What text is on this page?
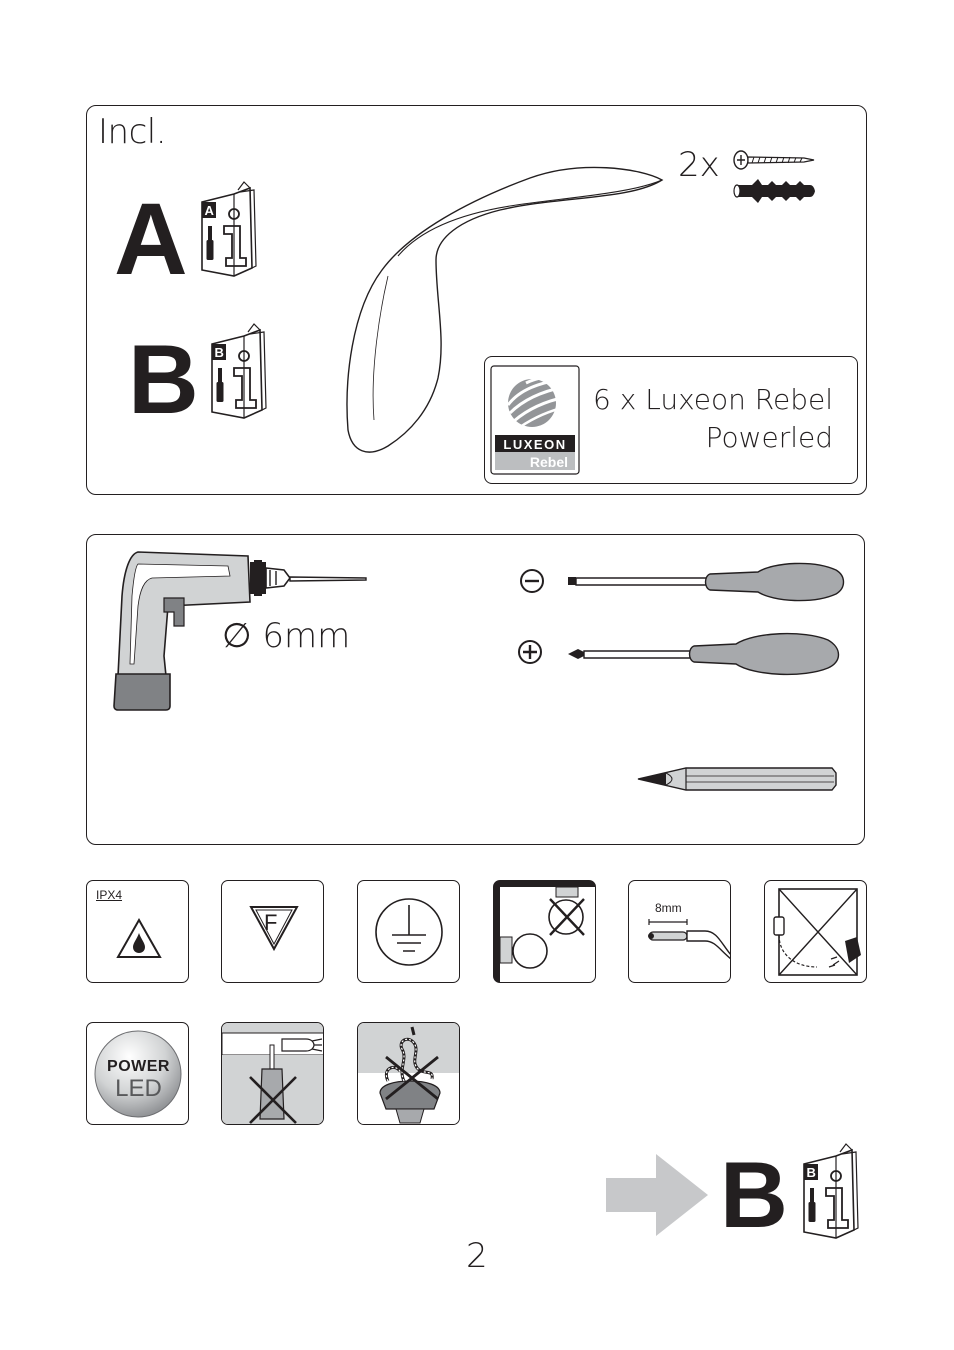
Incl.
A
B
A
B
2x
6 x Luxeon Rebel
Powerled
LUXEON
Rebel
∅ 6mm
IPX4
F
8mm
POWER
LED
B B
2
